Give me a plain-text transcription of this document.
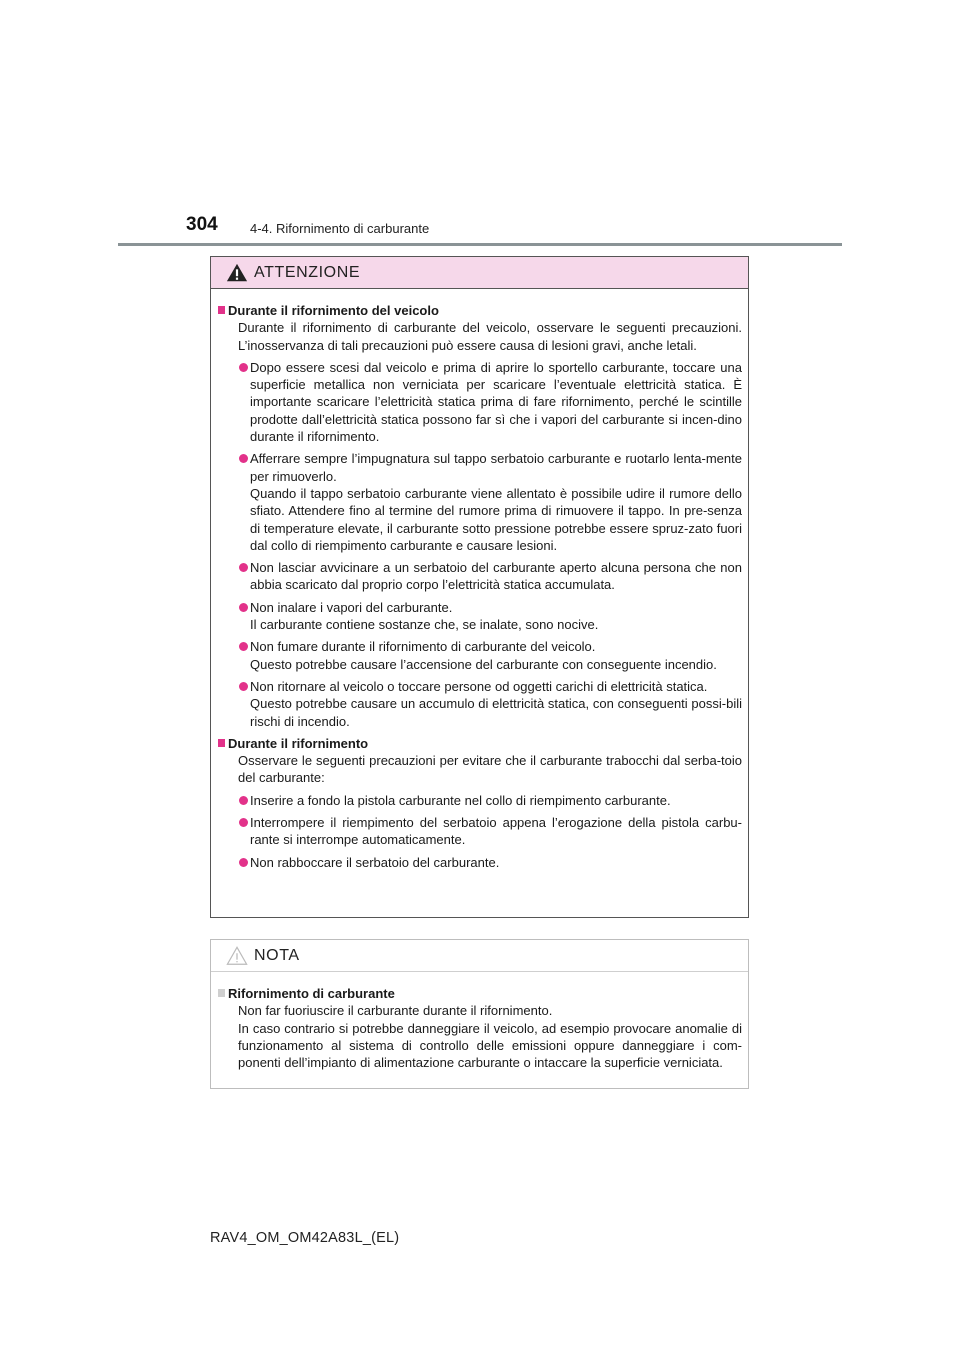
304 4-4. Rifornimento di carburante
ATTENZIONE
Durante il rifornimento del veicolo
Durante il rifornimento di carburante del veicolo, osservare le seguenti precauzioni. L’inosservanza di tali precauzioni può essere causa di lesioni gravi, anche letali.
Dopo essere scesi dal veicolo e prima di aprire lo sportello carburante, toccare una superficie metallica non verniciata per scaricare l’eventuale elettricità statica. È importante scaricare l’elettricità statica prima di fare rifornimento, perché le scintille prodotte dall’elettricità statica possono far sì che i vapori del carburante si incen-dino durante il rifornimento.
Afferrare sempre l’impugnatura sul tappo serbatoio carburante e ruotarlo lenta-mente per rimuoverlo.
Quando il tappo serbatoio carburante viene allentato è possibile udire il rumore dello sfiato. Attendere fino al termine del rumore prima di rimuovere il tappo. In pre-senza di temperature elevate, il carburante sotto pressione potrebbe essere spruz-zato fuori dal collo di riempimento carburante e causare lesioni.
Non lasciar avvicinare a un serbatoio del carburante aperto alcuna persona che non abbia scaricato dal proprio corpo l’elettricità statica accumulata.
Non inalare i vapori del carburante.
Il carburante contiene sostanze che, se inalate, sono nocive.
Non fumare durante il rifornimento di carburante del veicolo.
Questo potrebbe causare l’accensione del carburante con conseguente incendio.
Non ritornare al veicolo o toccare persone od oggetti carichi di elettricità statica.
Questo potrebbe causare un accumulo di elettricità statica, con conseguenti possi-bili rischi di incendio.
Durante il rifornimento
Osservare le seguenti precauzioni per evitare che il carburante trabocchi dal serba-toio del carburante:
Inserire a fondo la pistola carburante nel collo di riempimento carburante.
Interrompere il riempimento del serbatoio appena l’erogazione della pistola carbu-rante si interrompe automaticamente.
Non rabboccare il serbatoio del carburante.
NOTA
Rifornimento di carburante
Non far fuoriuscire il carburante durante il rifornimento.
In caso contrario si potrebbe danneggiare il veicolo, ad esempio provocare anomalie di funzionamento al sistema di controllo delle emissioni oppure danneggiare i com-ponenti dell’impianto di alimentazione carburante o intaccare la superficie verniciata.
RAV4_OM_OM42A83L_(EL)
